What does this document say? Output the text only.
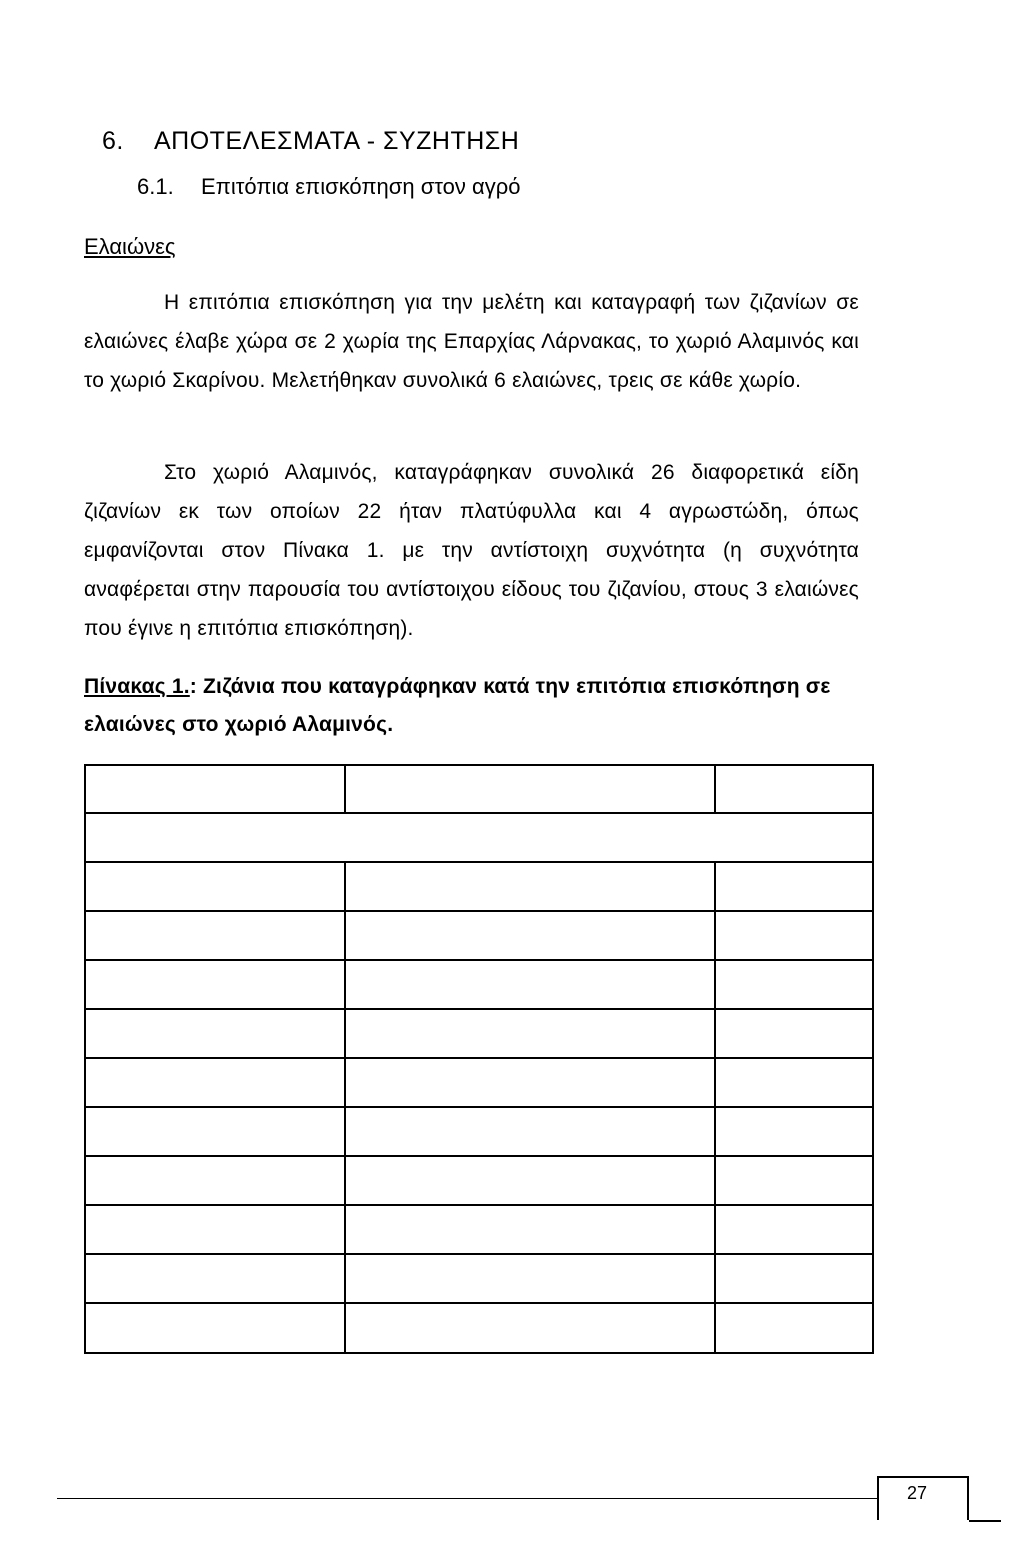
6. ΑΠΟΤΕΛΕΣΜΑΤΑ - ΣΥΖΗΤΗΣΗ
6.1. Επιτόπια επισκόπηση στον αγρό
Ελαιώνες
Η επιτόπια επισκόπηση για την μελέτη και καταγραφή των ζιζανίων σε ελαιώνες έλαβε χώρα σε 2 χωρία της Επαρχίας Λάρνακας, το χωριό Αλαμινός και το χωριό Σκαρίνου. Μελετήθηκαν συνολικά 6 ελαιώνες, τρεις σε κάθε χωρίο.
Στο χωριό Αλαμινός, καταγράφηκαν συνολικά 26 διαφορετικά είδη ζιζανίων εκ των οποίων 22 ήταν πλατύφυλλα και 4 αγρωστώδη, όπως εμφανίζονται στον Πίνακα 1. με την αντίστοιχη συχνότητα (η συχνότητα αναφέρεται στην παρουσία του αντίστοιχου είδους του ζιζανίου, στους 3 ελαιώνες που έγινε η επιτόπια επισκόπηση).
Πίνακας 1.: Ζιζάνια που καταγράφηκαν κατά την επιτόπια επισκόπηση σε ελαιώνες στο χωριό Αλαμινός.

27
